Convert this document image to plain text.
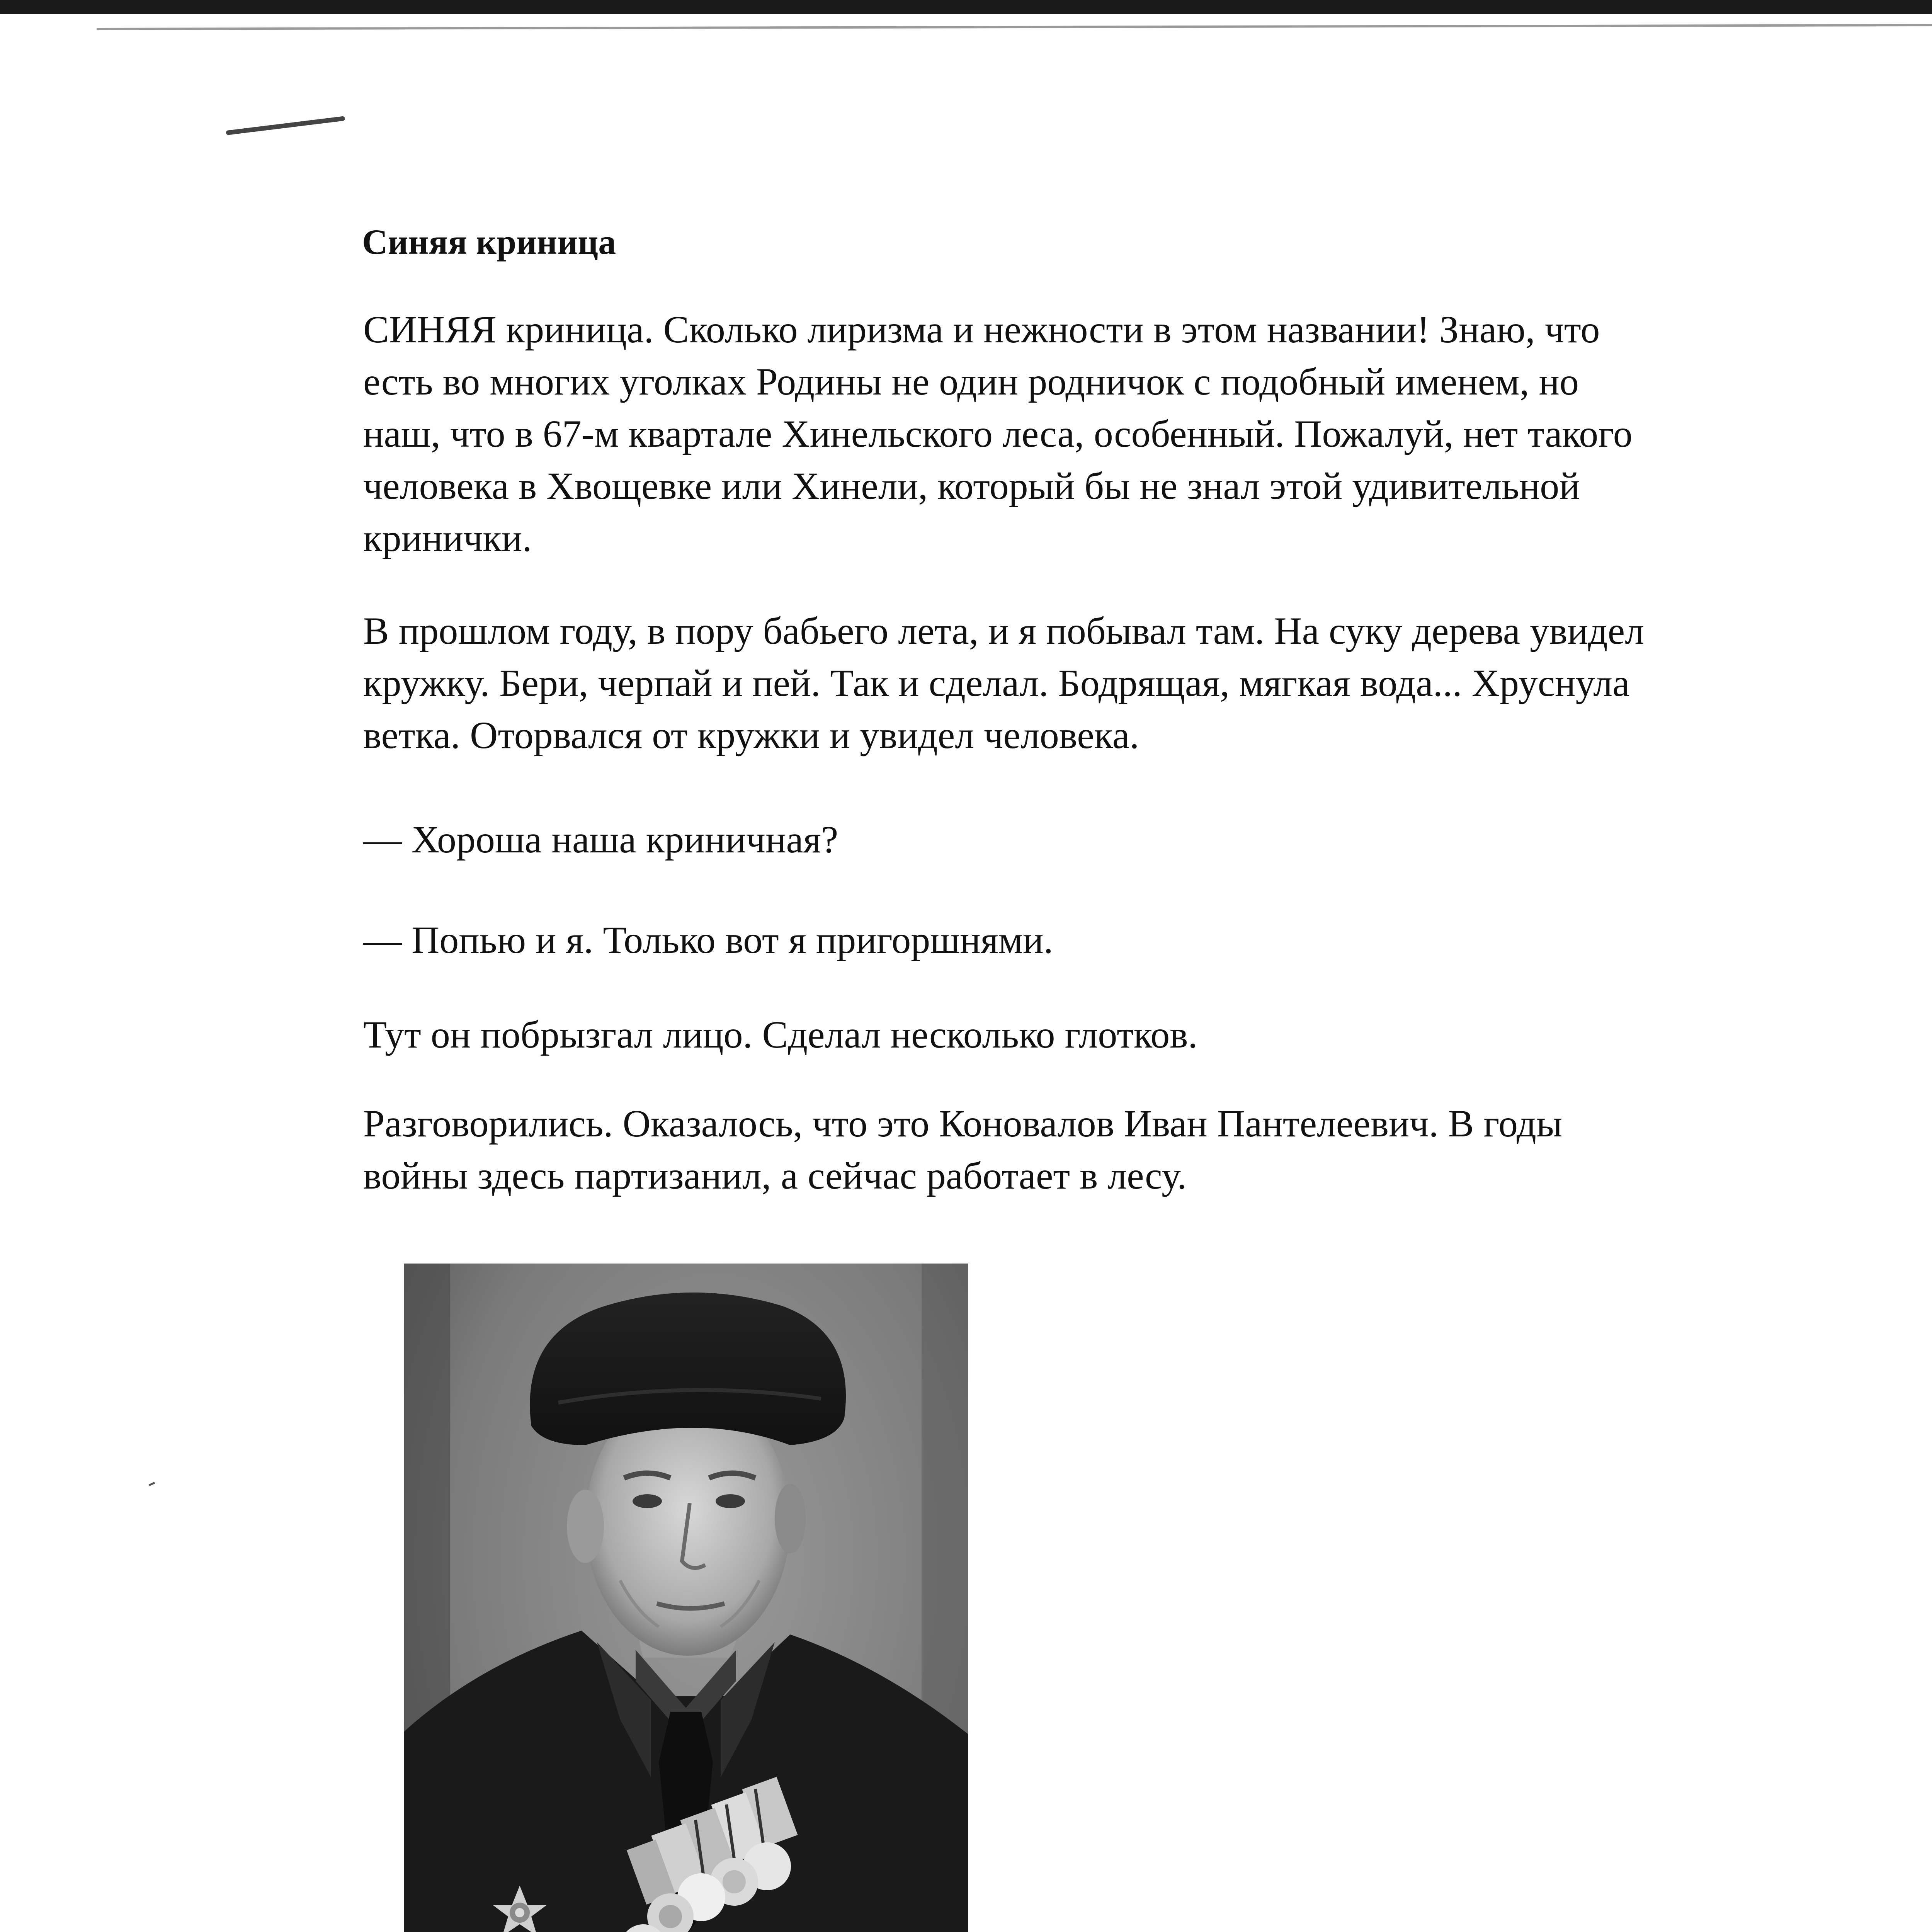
Синяя криница
СИНЯЯ криница. Сколько лиризма и нежности в этом названии! Знаю, что
есть во многих уголках Родины не один родничок с подобный именем, но
наш, что в 67-м квартале Хинельского леса, особенный. Пожалуй, нет такого
человека в Хвощевке или Хинели, который бы не знал этой удивительной
кринички.
В прошлом году, в пору бабьего лета, и я побывал там. На суку дерева увидел
кружку. Бери, черпай и пей. Так и сделал. Бодрящая, мягкая вода... Хруснула
ветка. Оторвался от кружки и увидел человека.
— Хороша наша криничная?
— Попью и я. Только вот я пригоршнями.
Тут он побрызгал лицо. Сделал несколько глотков.
Разговорились. Оказалось, что это Коновалов Иван Пантелеевич. В годы
войны здесь партизанил, а сейчас работает в лесу.
